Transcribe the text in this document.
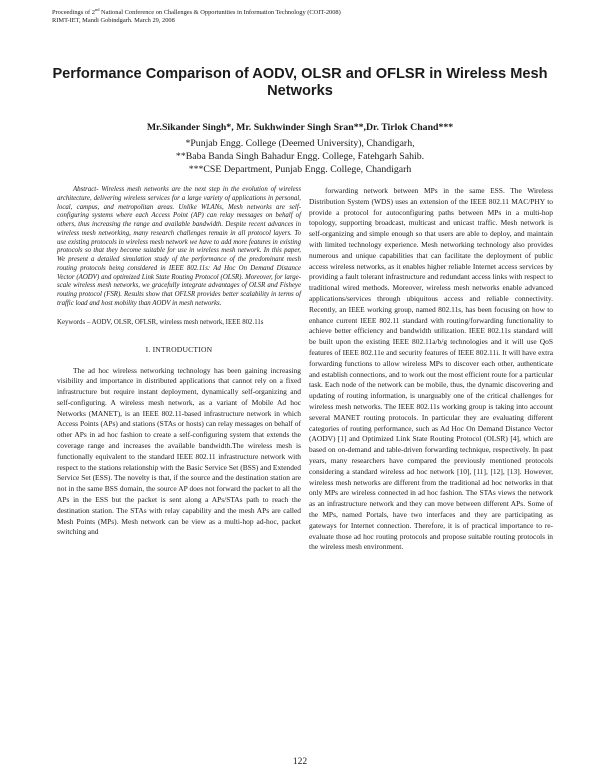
Proceedings of 2nd National Conference on Challenges & Opportunities in Information Technology (COIT-2008)

RIMT-IET, Mandi Gobindgarh. March 29, 2008

Performance Comparison of AODV, OLSR and OFLSR in Wireless Mesh Networks
Mr.Sikander Singh*, Mr. Sukhwinder Singh Sran**,Dr. Tirlok Chand***
*Punjab Engg. College (Deemed University), Chandigarh,
**Baba Banda Singh Bahadur Engg. College, Fatehgarh Sahib.
***CSE Department, Punjab Engg. College, Chandigarh

Abstract- Wireless mesh networks are the next step in the evolution of wireless architecture, delivering wireless services for a large variety of applications in personal, local, campus, and metropolitan areas. Unlike WLANs, Mesh networks are self-configuring systems where each Access Point (AP) can relay messages on behalf of others, thus increasing the range and available bandwidth. Despite recent advances in wireless mesh networking, many research challenges remain in all protocol layers. To use existing protocols in wireless mesh network we have to add more features in existing protocols so that they become suitable for use in wireless mesh network. In this paper, We present a detailed simulation study of the performance of the predominant mesh routing protocols being considered in IEEE 802.11s: Ad Hoc On Demand Distance Vector (AODV) and optimized Link State Routing Protocol (OLSR). Moreover, for large-scale wireless mesh networks, we gracefully integrate advantages of OLSR and Fisheye routing protocol (FSR). Results show that OFLSR provides better scalability in terms of traffic load and host mobility than AODV in mesh networks.

Keywords – AODV, OLSR, OFLSR, wireless mesh network, IEEE 802.11s

I. INTRODUCTION

The ad hoc wireless networking technology has been gaining increasing visibility and importance in distributed applications that cannot rely on a fixed infrastructure but require instant deployment, dynamically self-organizing and self-configuring. A wireless mesh network, as a variant of Mobile Ad hoc Networks (MANET), is an IEEE 802.11-based infrastructure network in which Access Points (APs) and stations (STAs or hosts) can relay messages on behalf of other APs in ad hoc fashion to create a self-configuring system that extends the coverage range and increases the available bandwidth.The wireless mesh is functionally equivalent to the standard IEEE 802.11 infrastructure network with respect to the stations relationship with the Basic Service Set (BSS) and Extended Service Set (ESS). The novelty is that, if the source and the destination station are not in the same BSS domain, the source AP does not forward the packet to all the APs in the ESS but the packet is sent along a APs/STAs path to reach the destination station. The STAs with relay capability and the mesh APs are called Mesh Points (MPs). Mesh network can be view as a multi-hop ad-hoc, packet switching and

forwarding network between MPs in the same ESS. The Wireless Distribution System (WDS) uses an extension of the IEEE 802.11 MAC/PHY to provide a protocol for autoconfiguring paths between MPs in a multi-hop topology, supporting broadcast, multicast and unicast traffic. Mesh network is self-organizing and simple enough so that users are able to deploy, and maintain with limited technology experience. Mesh networking technology also provides numerous and unique capabilities that can facilitate the deployment of public access wireless networks, as it enables higher reliable Internet access services by providing a fault tolerant infrastructure and redundant access links with respect to traditional wired methods. Moreover, wireless mesh networks enable advanced applications/services through ubiquitous access and reliable connectivity. Recently, an IEEE working group, named 802.11s, has been focusing on how to enhance current IEEE 802.11 standard with routing/forwarding functionality to achieve better efficiency and bandwidth utilization. IEEE 802.11s standard will be built upon the existing IEEE 802.11a/b/g technologies and it will use QoS features of IEEE 802.11e and security features of IEEE 802.11i. It will have extra forwarding functions to allow wireless MPs to discover each other, authenticate and establish connections, and to work out the most efficient route for a particular task. Each node of the network can be mobile, thus, the dynamic discovering and updating of routing information, is unarguably one of the critical challenges for wireless mesh networks. The IEEE 802.11s working group is taking into account several MANET routing protocols. In particular they are evaluating different categories of routing performance, such as Ad Hoc On Demand Distance Vector (AODV) [1] and Optimized Link State Routing Protocol (OLSR) [4], which are based on on-demand and table-driven forwarding technique, respectively. In past years, many researchers have compared the previously mentioned protocols considering a standard wireless ad hoc network [10], [11], [12], [13]. However, wireless mesh networks are different from the traditional ad hoc networks in that only MPs are wireless connected in ad hoc fashion. The STAs views the network as an infrastructure network and they can move between different APs. Some of the MPs, named Portals, have two interfaces and they are participating as gateways for Internet connection. Therefore, it is of practical importance to re-evaluate those ad hoc routing protocols and propose suitable routing protocols in the wireless mesh environment.

122
